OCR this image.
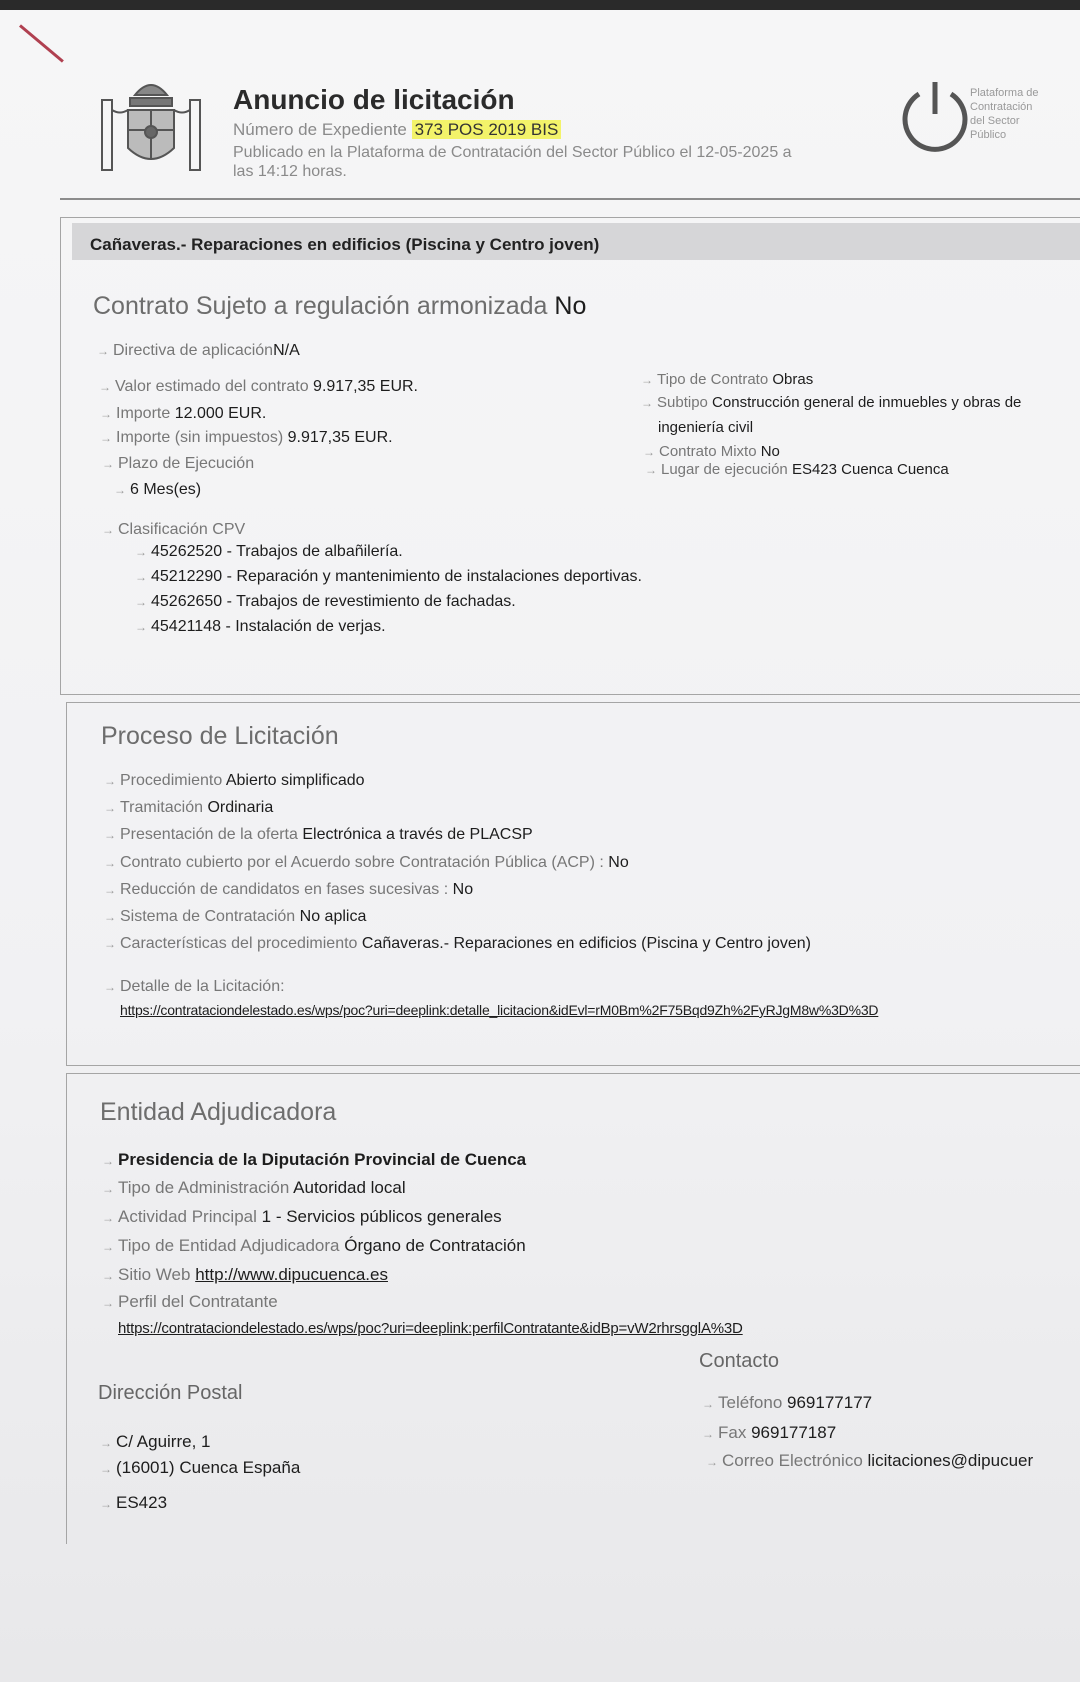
Anuncio de licitación
Número de Expediente 373 POS 2019 BIS
Publicado en la Plataforma de Contratación del Sector Público el 12-05-2025 a
las 14:12 horas.
Plataforma de
Contratación
del Sector
Público
Cañaveras.- Reparaciones en edificios (Piscina y Centro joven)
Contrato Sujeto a regulación armonizada No
→ Directiva de aplicaciónN/A
→ Valor estimado del contrato 9.917,35 EUR.
→ Importe 12.000 EUR.
→ Importe (sin impuestos) 9.917,35 EUR.
→ Plazo de Ejecución
→ 6 Mes(es)
→ Tipo de Contrato Obras
→ Subtipo Construcción general de inmuebles y obras de
ingeniería civil
→ Contrato Mixto No
→ Lugar de ejecución ES423 Cuenca Cuenca
→ Clasificación CPV
→ 45262520 - Trabajos de albañilería.
→ 45212290 - Reparación y mantenimiento de instalaciones deportivas.
→ 45262650 - Trabajos de revestimiento de fachadas.
→ 45421148 - Instalación de verjas.
Proceso de Licitación
→ Procedimiento Abierto simplificado
→ Tramitación Ordinaria
→ Presentación de la oferta Electrónica a través de PLACSP
→ Contrato cubierto por el Acuerdo sobre Contratación Pública (ACP) : No
→ Reducción de candidatos en fases sucesivas : No
→ Sistema de Contratación No aplica
→ Características del procedimiento Cañaveras.- Reparaciones en edificios (Piscina y Centro joven)
→ Detalle de la Licitación:
https://contrataciondelestado.es/wps/poc?uri=deeplink:detalle_licitacion&idEvl=rM0Bm%2F75Bqd9Zh%2FyRJgM8w%3D%3D
Entidad Adjudicadora
→ Presidencia de la Diputación Provincial de Cuenca
→ Tipo de Administración Autoridad local
→ Actividad Principal 1 - Servicios públicos generales
→ Tipo de Entidad Adjudicadora Órgano de Contratación
→ Sitio Web http://www.dipucuenca.es
→ Perfil del Contratante
https://contrataciondelestado.es/wps/poc?uri=deeplink:perfilContratante&idBp=vW2rhrsgglA%3D
Dirección Postal
→ C/ Aguirre, 1
→ (16001) Cuenca España
→ ES423
Contacto
→ Teléfono 969177177
→ Fax 969177187
→ Correo Electrónico licitaciones@dipucuer
